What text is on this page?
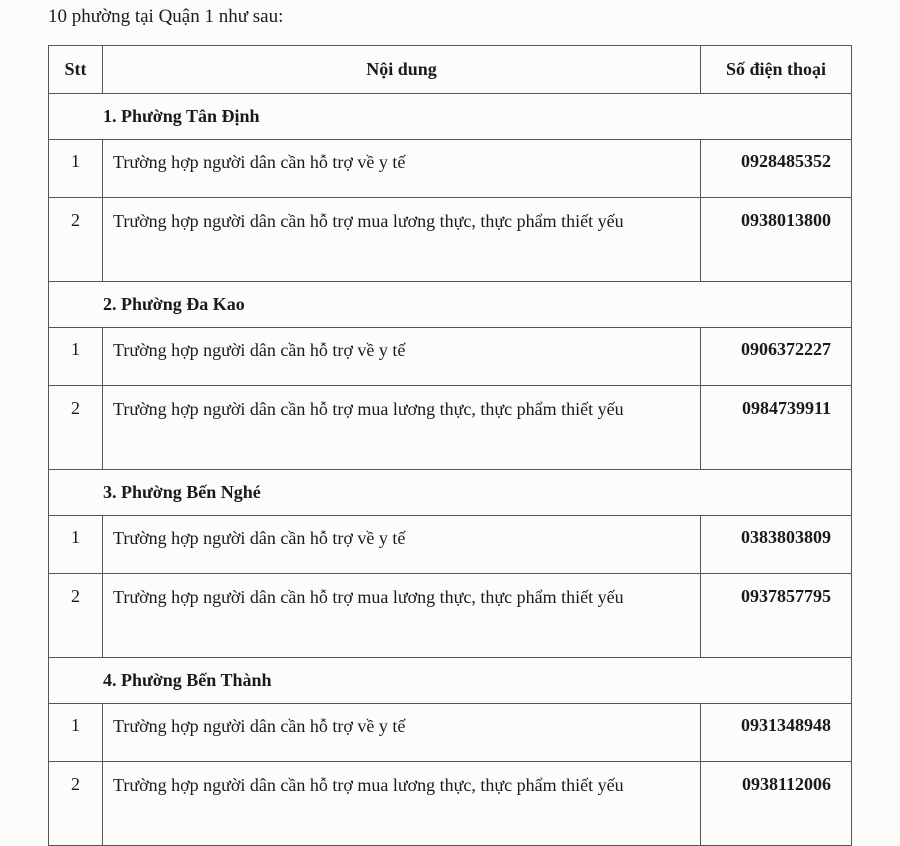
10 phường tại Quận 1 như sau:
Stt	Nội dung	Số điện thoại
1. Phường Tân Định		
1	Trường hợp người dân cần hỗ trợ về y tế	0928485352
2	Trường hợp người dân cần hỗ trợ mua lương thực, thực phẩm thiết yếu	0938013800
2. Phường Đa Kao		
1	Trường hợp người dân cần hỗ trợ về y tế	0906372227
2	Trường hợp người dân cần hỗ trợ mua lương thực, thực phẩm thiết yếu	0984739911
3. Phường Bến Nghé		
1	Trường hợp người dân cần hỗ trợ về y tế	0383803809
2	Trường hợp người dân cần hỗ trợ mua lương thực, thực phẩm thiết yếu	0937857795
4. Phường Bến Thành		
1	Trường hợp người dân cần hỗ trợ về y tế	0931348948
2	Trường hợp người dân cần hỗ trợ mua lương thực, thực phẩm thiết yếu	0938112006
